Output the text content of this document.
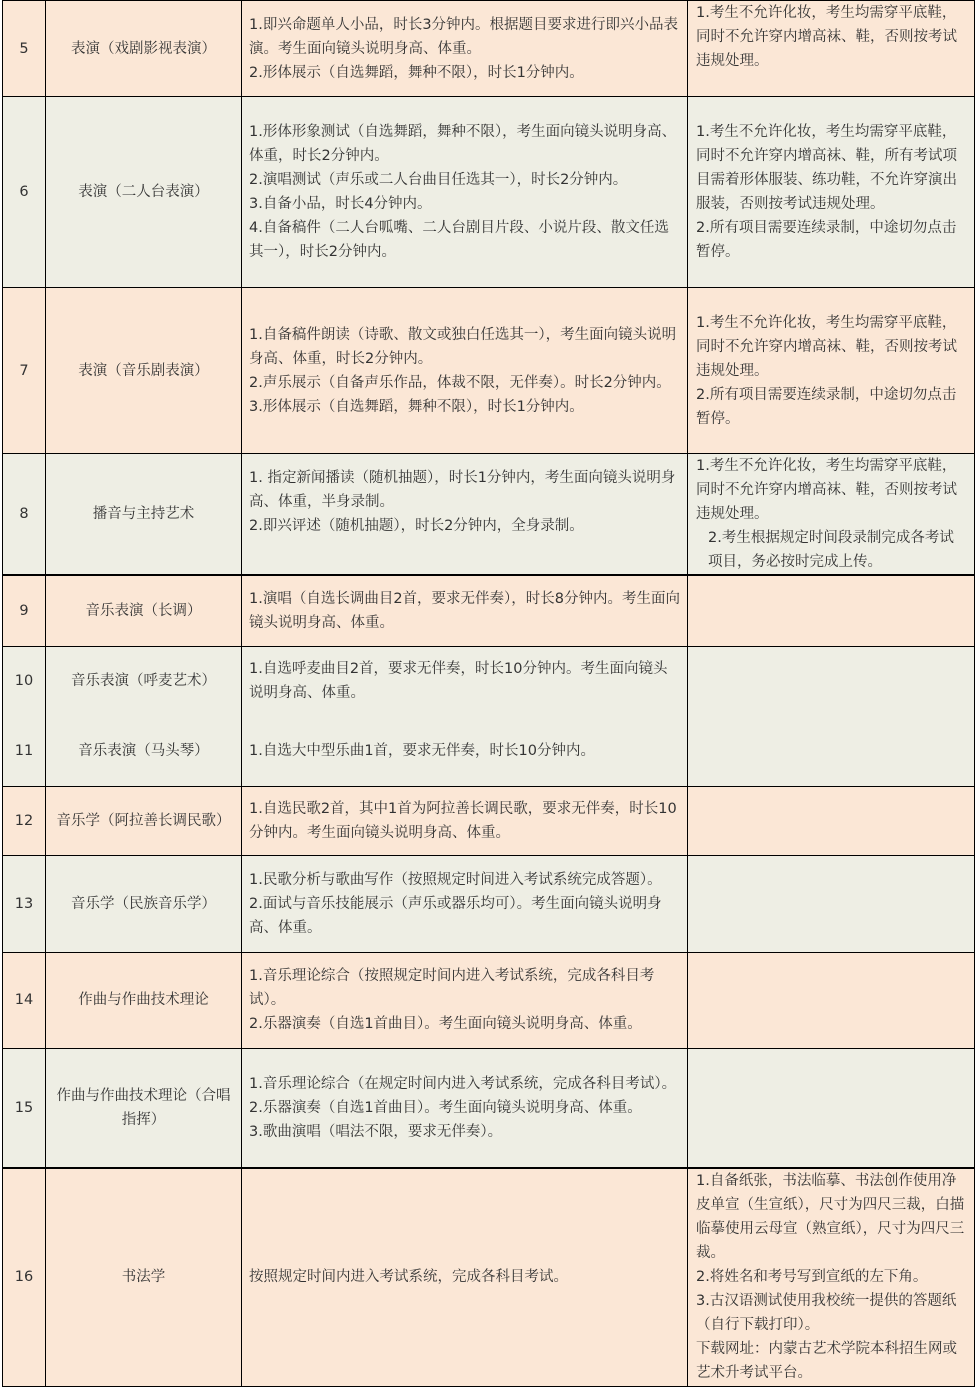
5	表演（戏剧影视表演）	1.即兴命题单人小品，时长3分钟内。根据题目要求进行即兴小品表演。考生面向镜头说明身高、体重。
2.形体展示（自选舞蹈，舞种不限），时长1分钟内。	1.考生不允许化妆，考生均需穿平底鞋，同时不允许穿内增高袜、鞋，否则按考试违规处理。

6	表演（二人台表演）	1.形体形象测试（自选舞蹈，舞种不限），考生面向镜头说明身高、体重，时长2分钟内。
2.演唱测试（声乐或二人台曲目任选其一），时长2分钟内。
3.自备小品，时长4分钟内。
4.自备稿件（二人台呱嘴、二人台剧目片段、小说片段、散文任选其一），时长2分钟内。	1.考生不允许化妆，考生均需穿平底鞋，同时不允许穿内增高袜、鞋，所有考试项目需着形体服装、练功鞋，不允许穿演出服装，否则按考试违规处理。
2.所有项目需要连续录制，中途切勿点击暂停。

7	表演（音乐剧表演）	1.自备稿件朗读（诗歌、散文或独白任选其一），考生面向镜头说明身高、体重，时长2分钟内。
2.声乐展示（自备声乐作品，体裁不限，无伴奏）。时长2分钟内。
3.形体展示（自选舞蹈，舞种不限），时长1分钟内。	1.考生不允许化妆，考生均需穿平底鞋，同时不允许穿内增高袜、鞋，否则按考试违规处理。
2.所有项目需要连续录制，中途切勿点击暂停。

8	播音与主持艺术	1. 指定新闻播读（随机抽题），时长1分钟内，考生面向镜头说明身高、体重，半身录制。
2.即兴评述（随机抽题），时长2分钟内，全身录制。	1.考生不允许化妆，考生均需穿平底鞋，同时不允许穿内增高袜、鞋，否则按考试违规处理。
2.考生根据规定时间段录制完成各考试项目，务必按时完成上传。

9	音乐表演（长调）	1.演唱（自选长调曲目2首，要求无伴奏），时长8分钟内。考生面向镜头说明身高、体重。	

10	音乐表演（呼麦艺术）	1.自选呼麦曲目2首，要求无伴奏，时长10分钟内。考生面向镜头说明身高、体重。	

11	音乐表演（马头琴）	1.自选大中型乐曲1首，要求无伴奏，时长10分钟内。	

12	音乐学（阿拉善长调民歌）	1.自选民歌2首，其中1首为阿拉善长调民歌，要求无伴奏，时长10分钟内。考生面向镜头说明身高、体重。	

13	音乐学（民族音乐学）	1.民歌分析与歌曲写作（按照规定时间进入考试系统完成答题）。
2.面试与音乐技能展示（声乐或器乐均可）。考生面向镜头说明身高、体重。	

14	作曲与作曲技术理论	1.音乐理论综合（按照规定时间内进入考试系统，完成各科目考试）。
2.乐器演奏（自选1首曲目）。考生面向镜头说明身高、体重。	

15	作曲与作曲技术理论（合唱指挥）	1.音乐理论综合（在规定时间内进入考试系统，完成各科目考试）。
2.乐器演奏（自选1首曲目）。考生面向镜头说明身高、体重。
3.歌曲演唱（唱法不限，要求无伴奏）。	

16	书法学	按照规定时间内进入考试系统，完成各科目考试。	1.自备纸张，书法临摹、书法创作使用净皮单宣（生宣纸），尺寸为四尺三裁，白描临摹使用云母宣（熟宣纸），尺寸为四尺三裁。
2.将姓名和考号写到宣纸的左下角。
3.古汉语测试使用我校统一提供的答题纸（自行下载打印）。
下载网址：内蒙古艺术学院本科招生网或艺术升考试平台。
